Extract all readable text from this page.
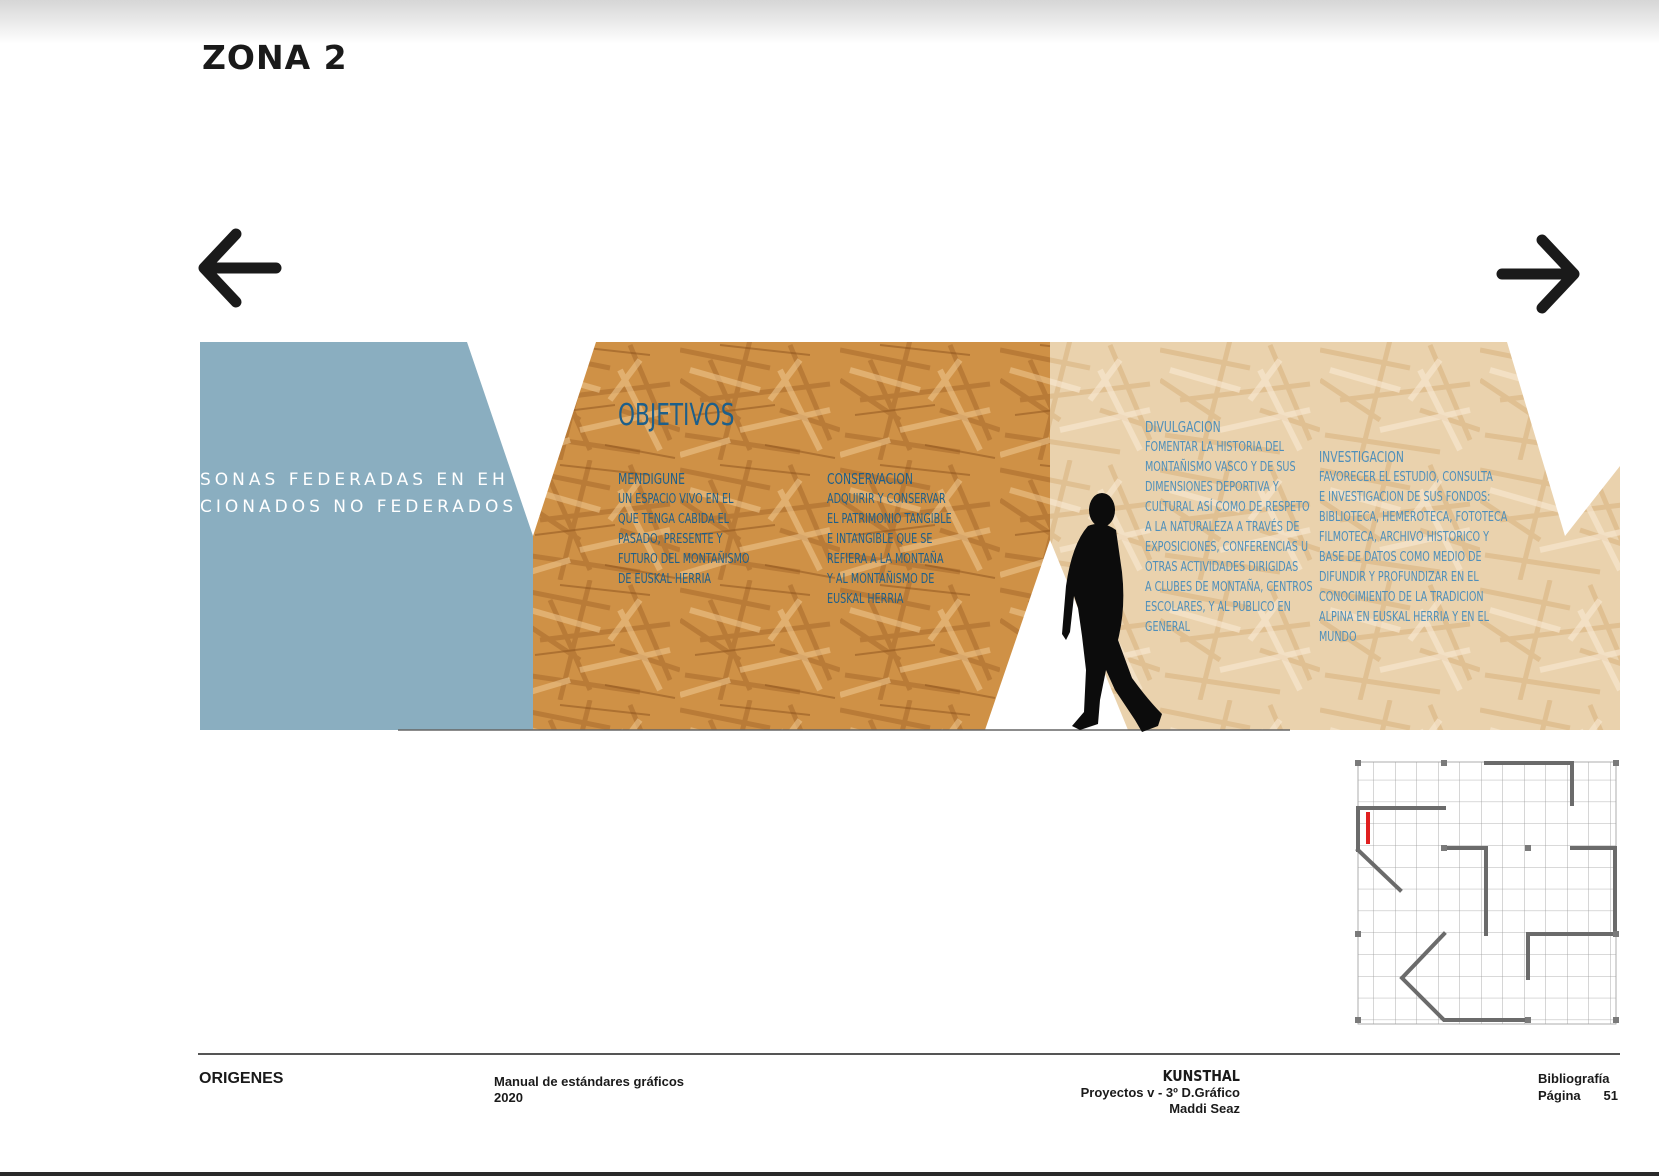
ZONA 2
SONAS FEDERADAS EN EH
CIONADOS NO FEDERADOS
OBJETIVOS
MENDIGUNE
UN ESPACIO VIVO EN EL
QUE TENGA CABIDA EL
PASADO, PRESENTE Y
FUTURO DEL MONTAÑISMO
DE EUSKAL HERRIA
CONSERVACION
ADQUIRIR Y CONSERVAR
EL PATRIMONIO TANGIBLE
E INTANGIBLE QUE SE
REFIERA A LA MONTAÑA
Y AL MONTAÑISMO DE
EUSKAL HERRIA
DIVULGACION
FOMENTAR LA HISTORIA DEL
MONTAÑISMO VASCO Y DE SUS
DIMENSIONES DEPORTIVA Y
CULTURAL ASÍ COMO DE RESPETO
A LA NATURALEZA A TRAVÉS DE
EXPOSICIONES, CONFERENCIAS U
OTRAS ACTIVIDADES DIRIGIDAS
A CLUBES DE MONTAÑA, CENTROS
ESCOLARES, Y AL PUBLICO EN
GENERAL
INVESTIGACION
FAVORECER EL ESTUDIO, CONSULTA
E INVESTIGACION DE SUS FONDOS:
BIBLIOTECA, HEMEROTECA, FOTOTECA
FILMOTECA, ARCHIVO HISTORICO Y
BASE DE DATOS COMO MEDIO DE
DIFUNDIR Y PROFUNDIZAR EN EL
CONOCIMIENTO DE LA TRADICION
ALPINA EN EUSKAL HERRIA Y EN EL
MUNDO
ORIGENES	Manual de estándares gráficos
2020
KUNSTHAL
Proyectos v - 3º D.Gráfico
Maddi Seaz
Bibliografía
Página 51
